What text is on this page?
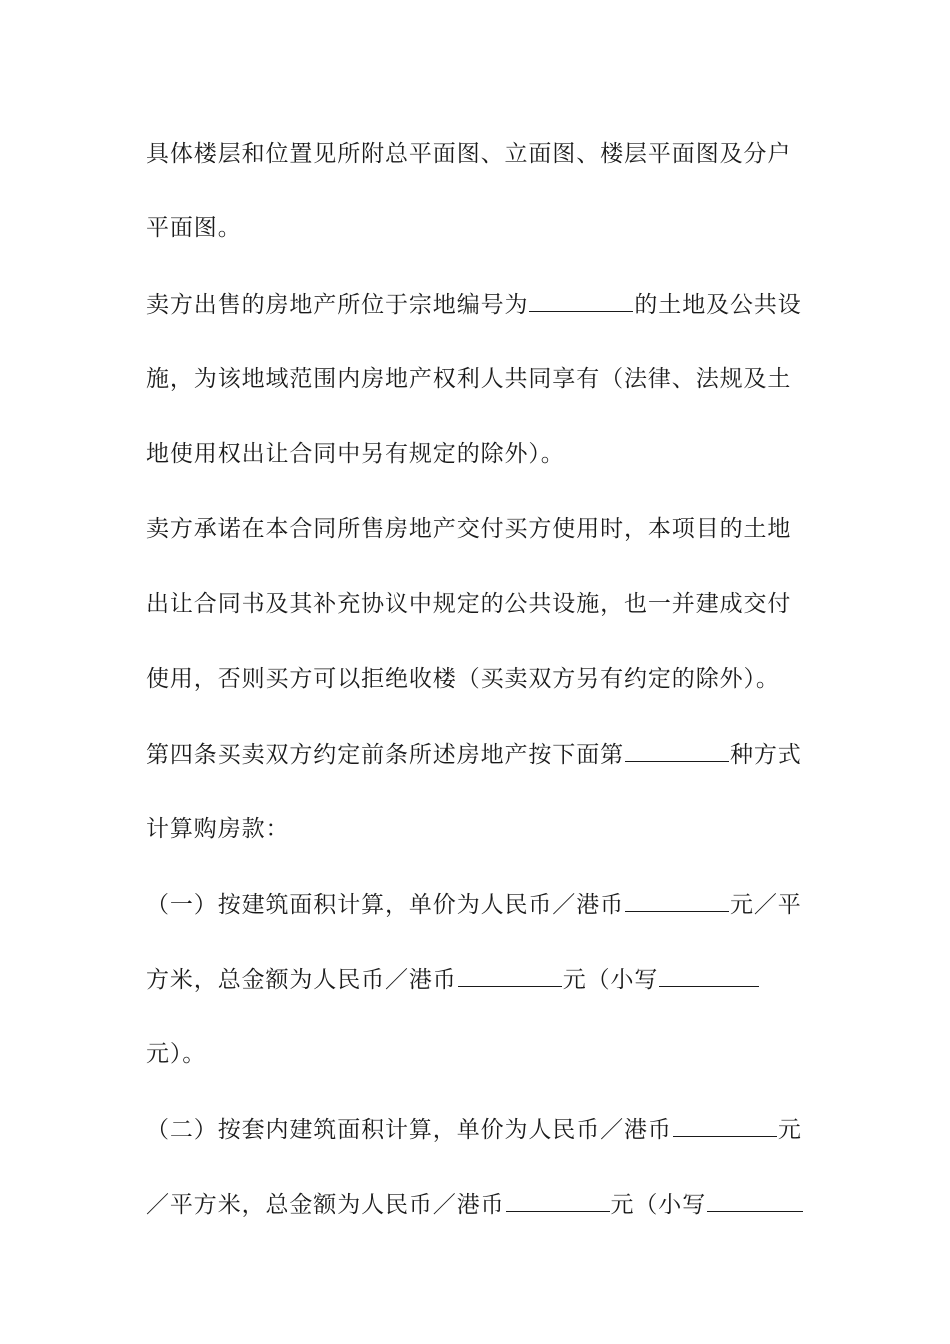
具体楼层和位置见所附总平面图、立面图、楼层平面图及分户
平面图。
卖方出售的房地产所位于宗地编号为	的土地及公共设
施，为该地域范围内房地产权利人共同享有（法律、法规及土
地使用权出让合同中另有规定的除外）。
卖方承诺在本合同所售房地产交付买方使用时，本项目的土地
出让合同书及其补充协议中规定的公共设施，也一并建成交付
使用，否则买方可以拒绝收楼（买卖双方另有约定的除外）。
第四条买卖双方约定前条所述房地产按下面第	种方式
计算购房款：
（一）按建筑面积计算，单价为人民币／港币	元／平
方米，总金额为人民币／港币	元（小写
元）。
（二）按套内建筑面积计算，单价为人民币／港币	元
／平方米，总金额为人民币／港币	元（小写
